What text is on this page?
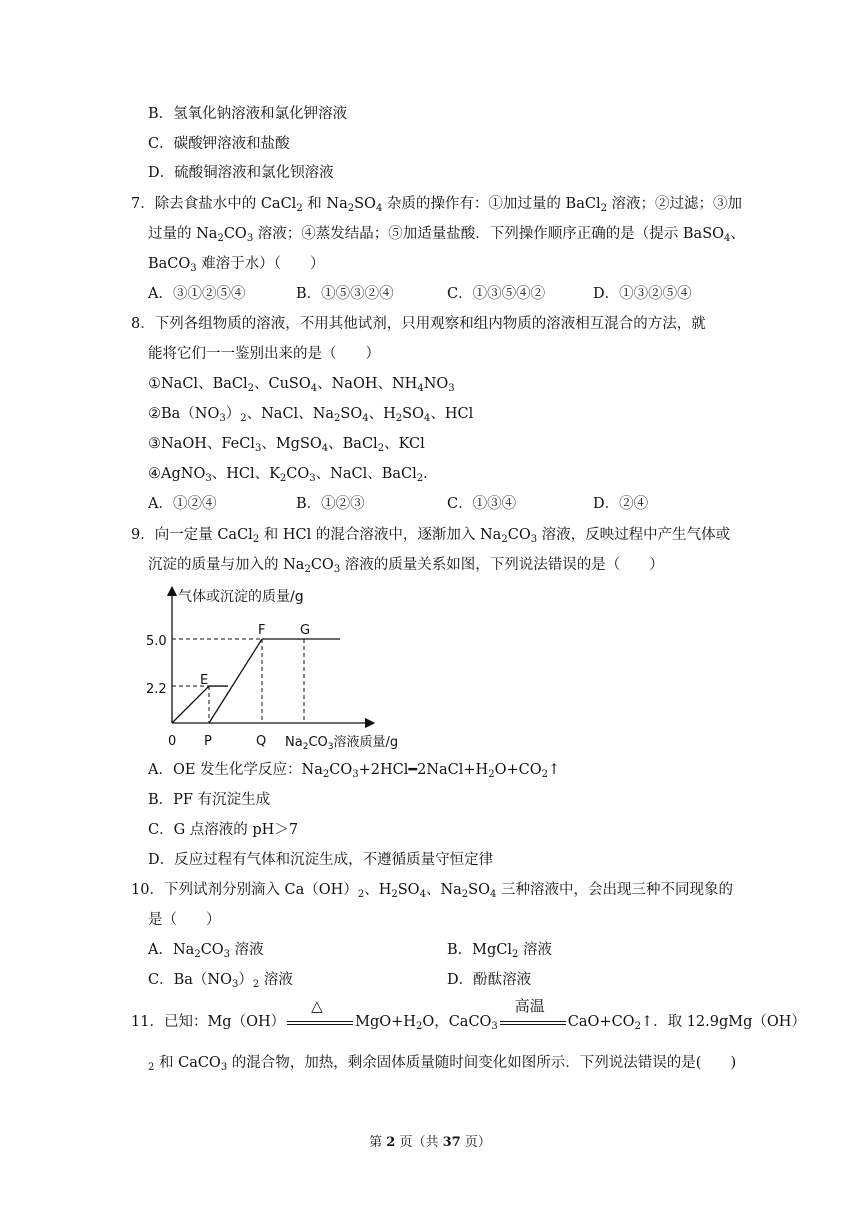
B．氢氧化钠溶液和氯化钾溶液
C．碳酸钾溶液和盐酸
D．硫酸铜溶液和氯化钡溶液
7．除去食盐水中的 CaCl$_2$ 和 $Na_2SO_4$ 杂质的操作有：①加过量的 BaCl$_2$ 溶液；②过滤；③加
过量的 $Na_2CO_3$ 溶液；④蒸发结晶；⑤加适量盐酸．下列操作顺序正确的是（提示 BaSO$_4$、
BaCO$_3$ 难溶于水）（　　）
A．③①②⑤④	B．①⑤③②④	C．①③⑤④②	D．①③②⑤④
8．下列各组物质的溶液，不用其他试剂，只用观察和组内物质的溶液相互混合的方法，就
能将它们一一鉴别出来的是（　　）
①NaCl、BaCl$_2$、CuSO$_4$、NaOH、$NH_4NO_3$
$②Ba(NO_3)_2$、NaCl、$Na_2SO_4$、$H_2SO_4$、HCl
③NaOH、FeCl$_3$、MgSO$_4$、BaCl$_2$、KCl
④AgNO$_3$、HCl、$K_2CO_3$、NaCl、BaCl$_2$.
A．①②④	B．①②③	C．①③④	D．②④
9．向一定量 CaCl$_2$ 和 HCl 的混合溶液中，逐渐加入 $Na_2CO_3$ 溶液，反映过程中产生气体或
沉淀的质量与加入的 $Na_2CO_3$ 溶液的质量关系如图，下列说法错误的是（　　）
气体或沉淀的质量/g
5.0
2.2
0 P	Q $Na_2CO_3$溶液质量/g
E
F	G
A．OE 发生化学反应：$Na_2CO_3+2HCl━2NaCl+H_2O+CO_2↑$
B．PF 有沉淀生成
C．G 点溶液的 pH＞7
D．反应过程有气体和沉淀生成，不遵循质量守恒定律
10．下列试剂分别滴入 $Ca(OH)_2$、$H_2SO_4$、$Na_2SO_4$ 三种溶液中，会出现三种不同现象的
是（　　）
A．$Na_2CO_3$ 溶液	B．MgCl$_2$ 溶液
C．$Ba(NO_3)_2$ 溶液	D．酚酞溶液
11．已知：Mg（OH）
△
$MgO+H_2O$，CaCO$_3$
高温
$CaO+CO_2↑$．取 12.9gMg（OH）
$_2$ 和 CaCO$_3$ 的混合物，加热，剩余固体质量随时间变化如图所示．下列说法错误的是(　　)
第 2 页（共 37 页）
